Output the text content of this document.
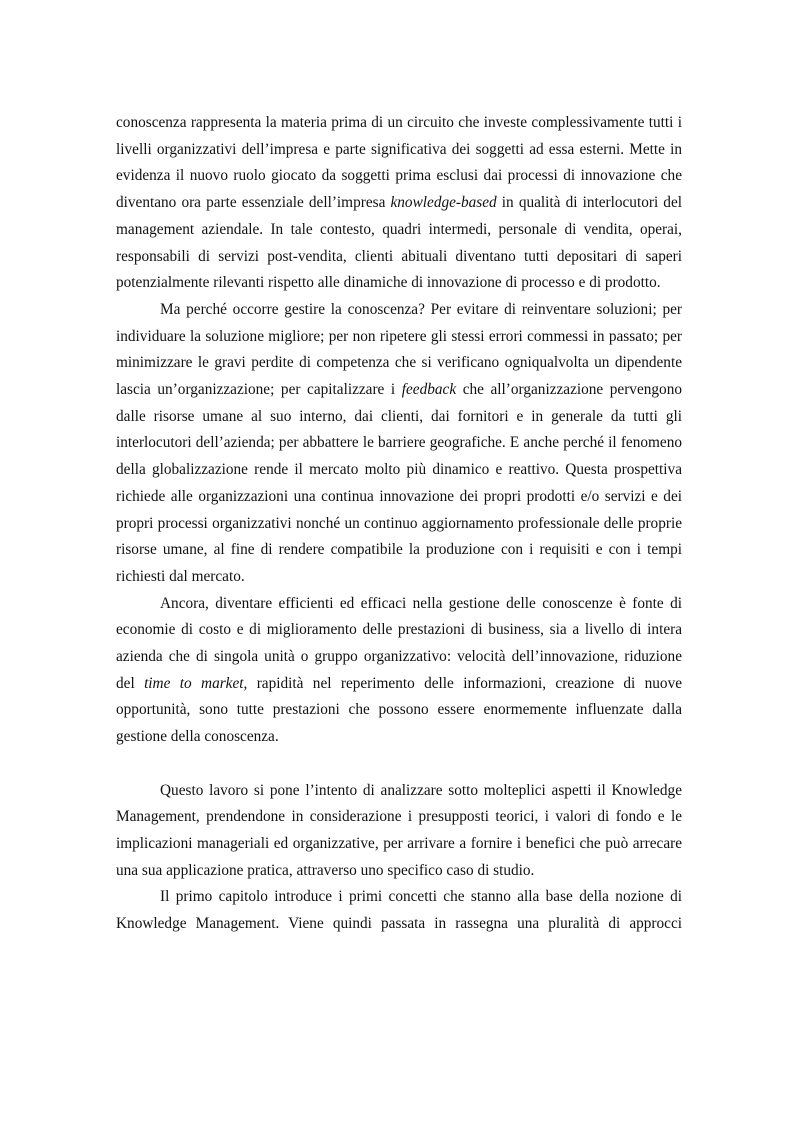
conoscenza rappresenta la materia prima di un circuito che investe complessivamente tutti i livelli organizzativi dell’impresa e parte significativa dei soggetti ad essa esterni. Mette in evidenza il nuovo ruolo giocato da soggetti prima esclusi dai processi di innovazione che diventano ora parte essenziale dell’impresa knowledge-based in qualità di interlocutori del management aziendale. In tale contesto, quadri intermedi, personale di vendita, operai, responsabili di servizi post-vendita, clienti abituali diventano tutti depositari di saperi potenzialmente rilevanti rispetto alle dinamiche di innovazione di processo e di prodotto.

Ma perché occorre gestire la conoscenza? Per evitare di reinventare soluzioni; per individuare la soluzione migliore; per non ripetere gli stessi errori commessi in passato; per minimizzare le gravi perdite di competenza che si verificano ogniqualvolta un dipendente lascia un’organizzazione; per capitalizzare i feedback che all’organizzazione pervengono dalle risorse umane al suo interno, dai clienti, dai fornitori e in generale da tutti gli interlocutori dell’azienda; per abbattere le barriere geografiche. E anche perché il fenomeno della globalizzazione rende il mercato molto più dinamico e reattivo. Questa prospettiva richiede alle organizzazioni una continua innovazione dei propri prodotti e/o servizi e dei propri processi organizzativi nonché un continuo aggiornamento professionale delle proprie risorse umane, al fine di rendere compatibile la produzione con i requisiti e con i tempi richiesti dal mercato.

Ancora, diventare efficienti ed efficaci nella gestione delle conoscenze è fonte di economie di costo e di miglioramento delle prestazioni di business, sia a livello di intera azienda che di singola unità o gruppo organizzativo: velocità dell’innovazione, riduzione del time to market, rapidità nel reperimento delle informazioni, creazione di nuove opportunità, sono tutte prestazioni che possono essere enormemente influenzate dalla gestione della conoscenza.

Questo lavoro si pone l’intento di analizzare sotto molteplici aspetti il Knowledge Management, prendendone in considerazione i presupposti teorici, i valori di fondo e le implicazioni manageriali ed organizzative, per arrivare a fornire i benefici che può arrecare una sua applicazione pratica, attraverso uno specifico caso di studio.

Il primo capitolo introduce i primi concetti che stanno alla base della nozione di Knowledge Management. Viene quindi passata in rassegna una pluralità di approcci
